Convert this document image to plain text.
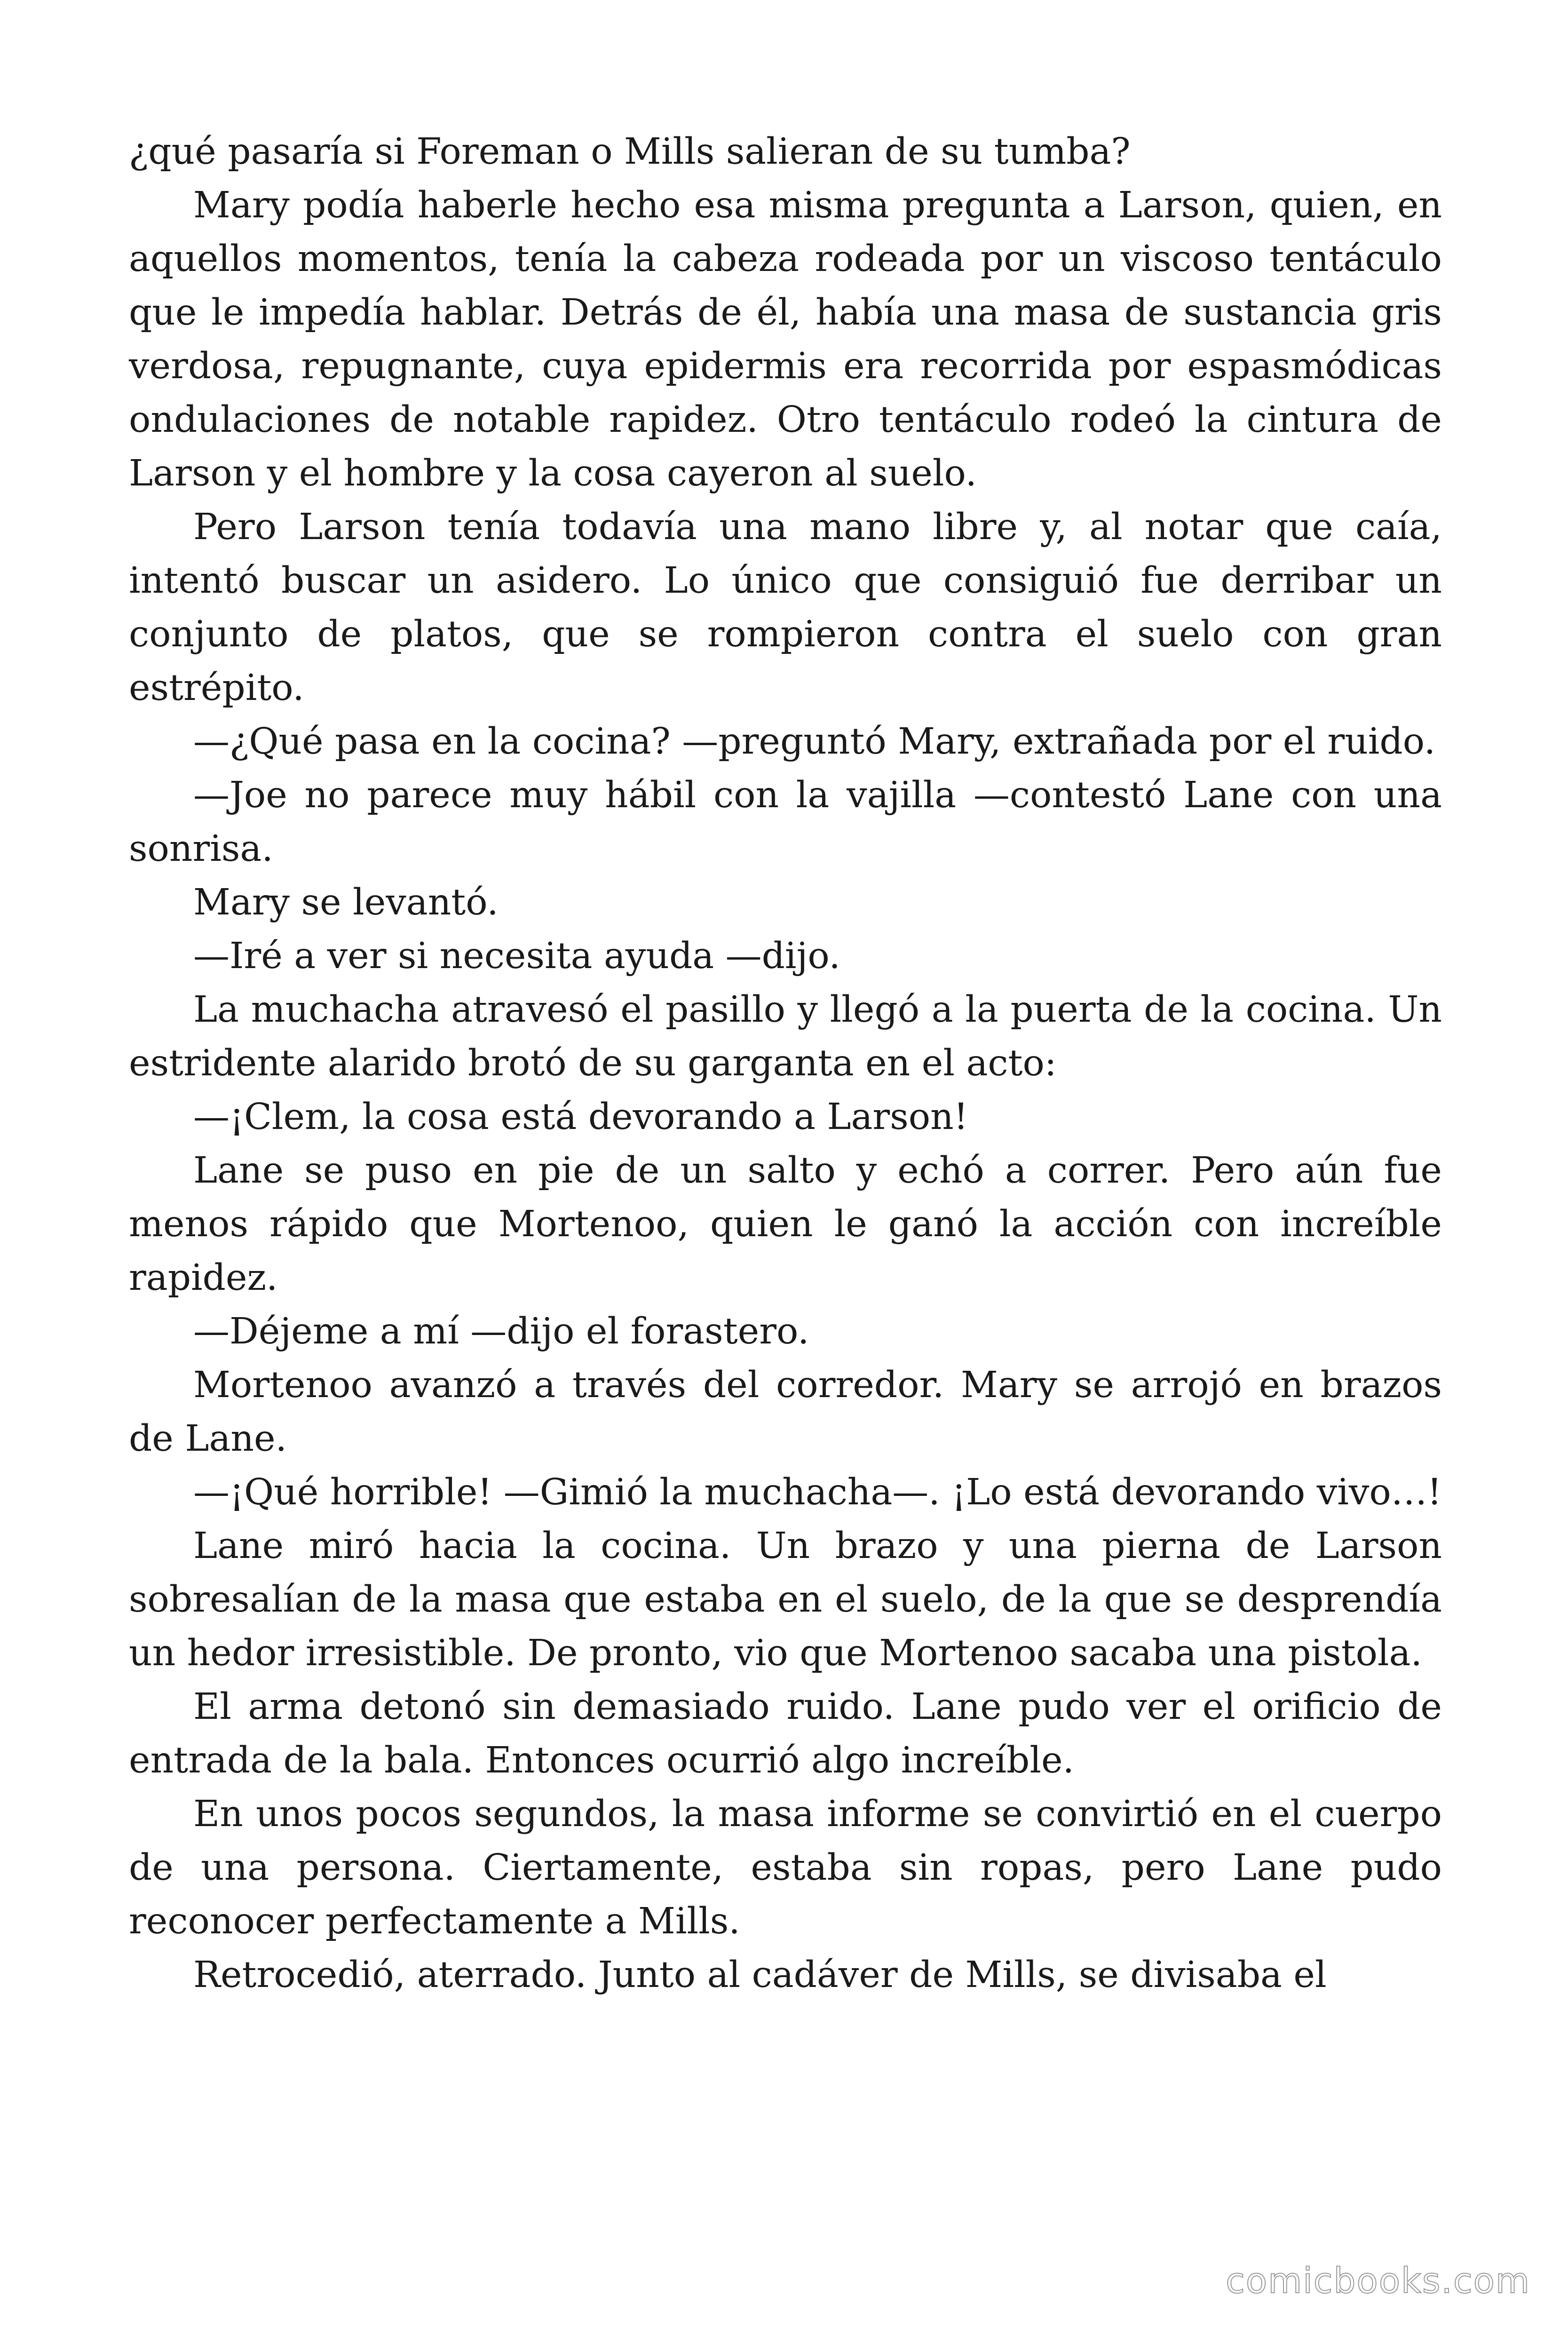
¿qué pasaría si Foreman o Mills salieran de su tumba?

Mary podía haberle hecho esa misma pregunta a Larson, quien, en aquellos momentos, tenía la cabeza rodeada por un viscoso tentáculo que le impedía hablar. Detrás de él, había una masa de sustancia gris verdosa, repugnante, cuya epidermis era recorrida por espasmódicas ondulaciones de notable rapidez. Otro tentáculo rodeó la cintura de Larson y el hombre y la cosa cayeron al suelo.

Pero Larson tenía todavía una mano libre y, al notar que caía, intentó buscar un asidero. Lo único que consiguió fue derribar un conjunto de platos, que se rompieron contra el suelo con gran estrépito.

—¿Qué pasa en la cocina? —preguntó Mary, extrañada por el ruido.

—Joe no parece muy hábil con la vajilla —contestó Lane con una sonrisa.

Mary se levantó.

—Iré a ver si necesita ayuda —dijo.

La muchacha atravesó el pasillo y llegó a la puerta de la cocina. Un estridente alarido brotó de su garganta en el acto:

—¡Clem, la cosa está devorando a Larson!

Lane se puso en pie de un salto y echó a correr. Pero aún fue menos rápido que Mortenoo, quien le ganó la acción con increíble rapidez.

—Déjeme a mí —dijo el forastero.

Mortenoo avanzó a través del corredor. Mary se arrojó en brazos de Lane.

—¡Qué horrible! —Gimió la muchacha—. ¡Lo está devorando vivo…!

Lane miró hacia la cocina. Un brazo y una pierna de Larson sobresalían de la masa que estaba en el suelo, de la que se desprendía un hedor irresistible. De pronto, vio que Mortenoo sacaba una pistola.

El arma detonó sin demasiado ruido. Lane pudo ver el orificio de entrada de la bala. Entonces ocurrió algo increíble.

En unos pocos segundos, la masa informe se convirtió en el cuerpo de una persona. Ciertamente, estaba sin ropas, pero Lane pudo reconocer perfectamente a Mills.

Retrocedió, aterrado. Junto al cadáver de Mills, se divisaba el

comicbooks.com
